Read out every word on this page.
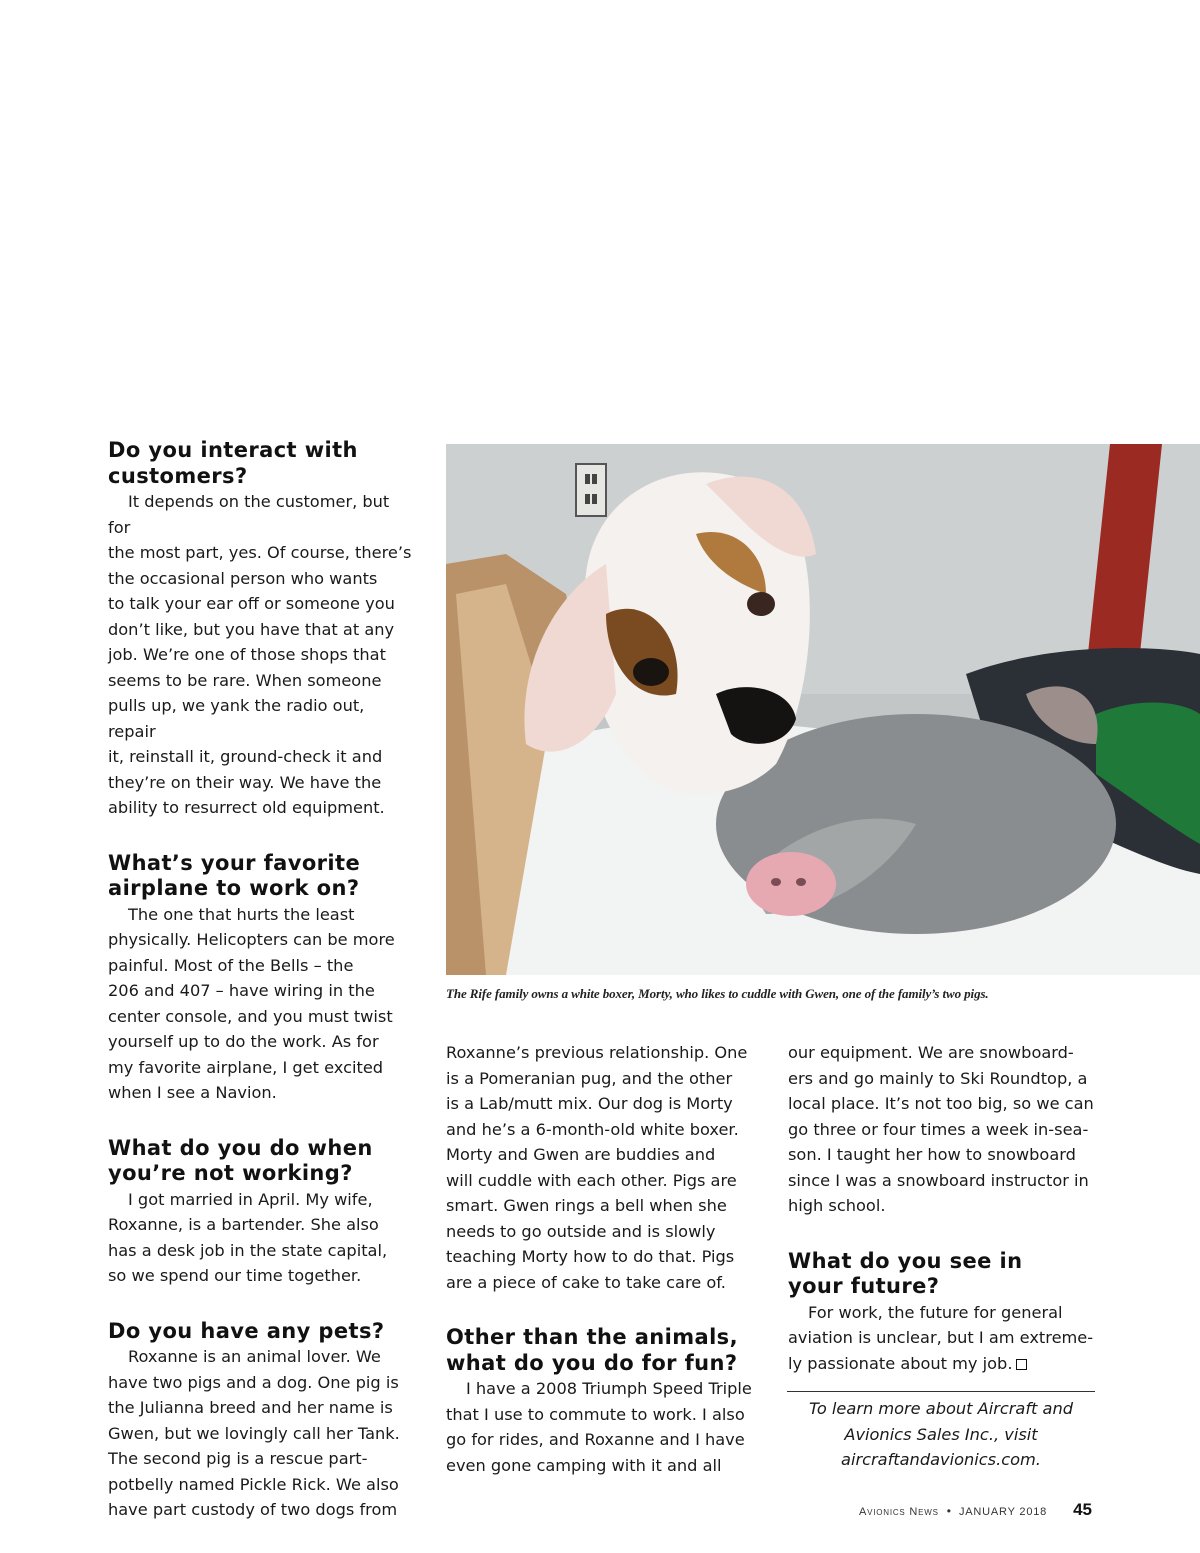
Do you interact with
customers?

It depends on the customer, but for
the most part, yes. Of course, there’s
the occasional person who wants
to talk your ear off or someone you
don’t like, but you have that at any
job. We’re one of those shops that
seems to be rare. When someone
pulls up, we yank the radio out, repair
it, reinstall it, ground-check it and
they’re on their way. We have the
ability to resurrect old equipment.

What’s your favorite
airplane to work on?

The one that hurts the least
physically. Helicopters can be more
painful. Most of the Bells – the
206 and 407 – have wiring in the
center console, and you must twist
yourself up to do the work. As for
my favorite airplane, I get excited
when I see a Navion.

What do you do when
you’re not working?

I got married in April. My wife,
Roxanne, is a bartender. She also
has a desk job in the state capital,
so we spend our time together.

Do you have any pets?

Roxanne is an animal lover. We
have two pigs and a dog. One pig is
the Julianna breed and her name is
Gwen, but we lovingly call her Tank.
The second pig is a rescue part-
potbelly named Pickle Rick. We also
have part custody of two dogs from

The Rife family owns a white boxer, Morty, who likes to cuddle with Gwen, one of the family’s two pigs.

Roxanne’s previous relationship. One
is a Pomeranian pug, and the other
is a Lab/mutt mix. Our dog is Morty
and he’s a 6-month-old white boxer.
Morty and Gwen are buddies and
will cuddle with each other. Pigs are
smart. Gwen rings a bell when she
needs to go outside and is slowly
teaching Morty how to do that. Pigs
are a piece of cake to take care of.

Other than the animals,
what do you do for fun?

I have a 2008 Triumph Speed Triple
that I use to commute to work. I also
go for rides, and Roxanne and I have
even gone camping with it and all

our equipment. We are snowboard-
ers and go mainly to Ski Roundtop, a
local place. It’s not too big, so we can
go three or four times a week in-sea-
son. I taught her how to snowboard
since I was a snowboard instructor in
high school.

What do you see in
your future?

For work, the future for general
aviation is unclear, but I am extreme-
ly passionate about my job.

To learn more about Aircraft and
Avionics Sales Inc., visit
aircraftandavionics.com.
Avionics News • JANUARY 2018 45
